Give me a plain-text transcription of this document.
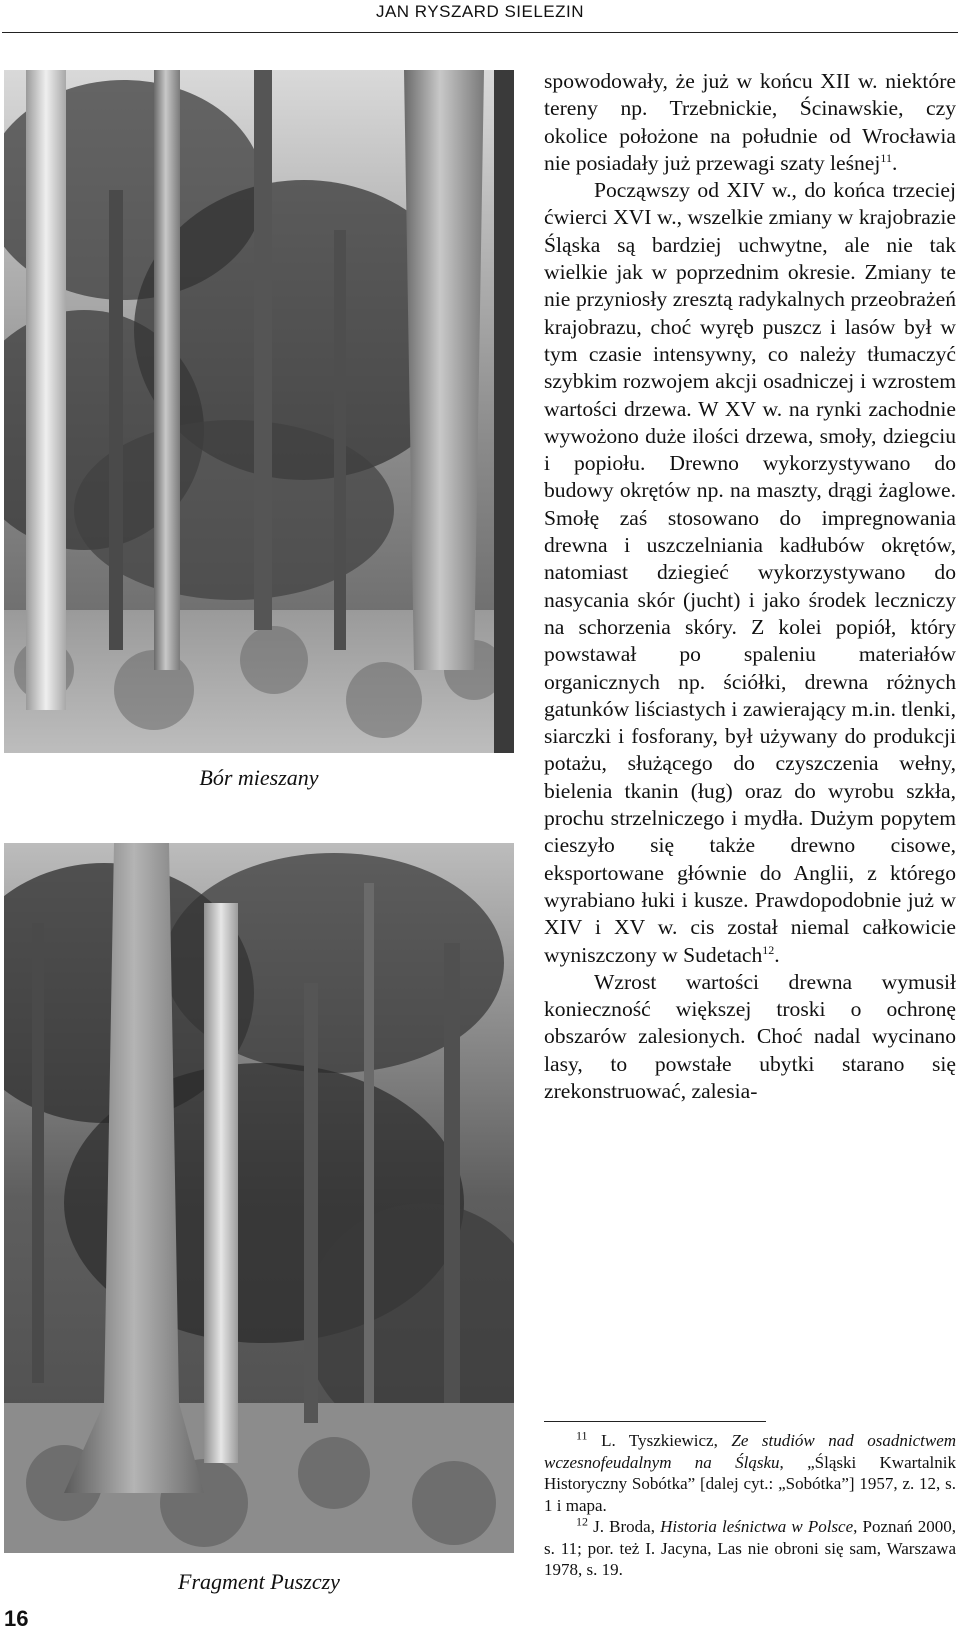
JAN RYSZARD SIELEZIN
Bór mieszany
Fragment Puszczy

spowodowały, że już w końcu XII w. niektóre tereny np. Trzebnickie, Ścinawskie, czy okolice położone na południe od Wrocławia nie posiadały już przewagi szaty leśnej$^{11}$.

Począwszy od XIV w., do końca trzeciej ćwierci XVI w., wszelkie zmiany w krajobrazie Śląska są bardziej uchwytne, ale nie tak wielkie jak w poprzednim okresie. Zmiany te nie przyniosły zresztą radykalnych przeobrażeń krajobrazu, choć wyręb puszcz i lasów był w tym czasie intensywny, co należy tłumaczyć szybkim rozwojem akcji osadniczej i wzrostem wartości drzewa. W XV w. na rynki zachodnie wywożono duże ilości drzewa, smoły, dziegciu i popiołu. Drewno wykorzystywano do budowy okrętów np. na maszty, drągi żaglowe. Smołę zaś stosowano do impregnowania drewna i uszczelniania kadłubów okrętów, natomiast dziegieć wykorzystywano do nasycania skór (jucht) i jako środek leczniczy na schorzenia skóry. Z kolei popiół, który powstawał po spaleniu materiałów organicznych np. ściółki, drewna różnych gatunków liściastych i zawierający m.in. tlenki, siarczki i fosforany, był używany do produkcji potażu, służącego do czyszczenia wełny, bielenia tkanin (ług) oraz do wyrobu szkła, prochu strzelniczego i mydła. Dużym popytem cieszyło się także drewno cisowe, eksportowane głównie do Anglii, z którego wyrabiano łuki i kusze. Prawdopodobnie już w XIV i XV w. cis został niemal całkowicie wyniszczony w Sudetach$^{12}$.

Wzrost wartości drewna wymusił konieczność większej troski o ochronę obszarów zalesionych. Choć nadal wycinano lasy, to powstałe ubytki starano się zrekonstruować, zalesia-

$^{11}$ L. Tyszkiewicz, Ze studiów nad osadnictwem wczesnofeudalnym na Śląsku, „Śląski Kwartalnik Historyczny Sobótka” [dalej cyt.: „Sobótka”] 1957, z. 12, s. 1 i mapa.

$^{12}$ J. Broda, Historia leśnictwa w Polsce, Poznań 2000, s. 11; por. też I. Jacyna, Las nie obroni się sam, Warszawa 1978, s. 19.

16
